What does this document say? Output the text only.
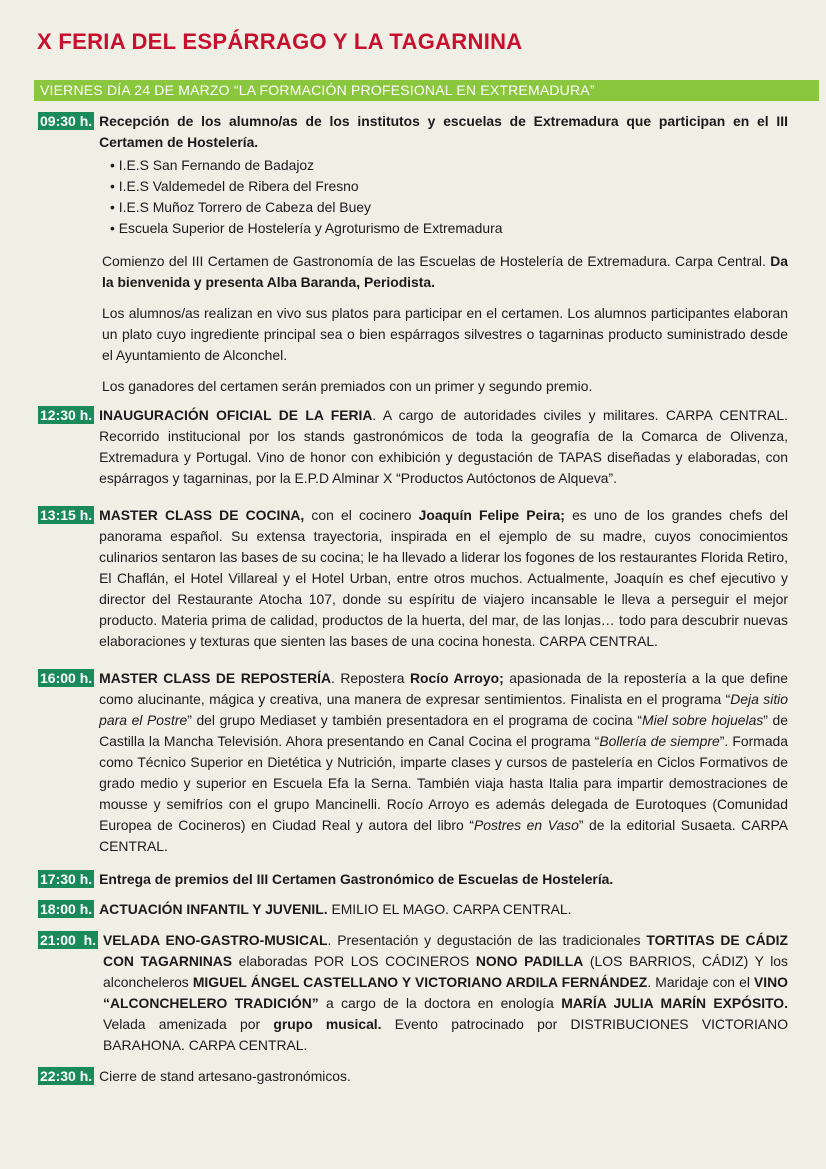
X FERIA DEL ESPÁRRAGO Y LA TAGARNINA
VIERNES DÍA 24 DE MARZO “LA FORMACIÓN PROFESIONAL EN EXTREMADURA”
09:30 h. Recepción de los alumno/as de los institutos y escuelas de Extremadura que participan en el III Certamen de Hostelería.
• I.E.S San Fernando de Badajoz
• I.E.S Valdemedel de Ribera del Fresno
• I.E.S Muñoz Torrero de Cabeza del Buey
• Escuela Superior de Hostelería y Agroturismo de Extremadura

Comienzo del III Certamen de Gastronomía de las Escuelas de Hostelería de Extremadura. Carpa Central. Da la bienvenida y presenta Alba Baranda, Periodista.

Los alumnos/as realizan en vivo sus platos para participar en el certamen. Los alumnos participantes elaboran un plato cuyo ingrediente principal sea o bien espárragos silvestres o tagarninas producto suministrado desde el Ayuntamiento de Alconchel.

Los ganadores del certamen serán premiados con un primer y segundo premio.

12:30 h. INAUGURACIÓN OFICIAL DE LA FERIA. A cargo de autoridades civiles y militares. CARPA CENTRAL. Recorrido institucional por los stands gastronómicos de toda la geografía de la Comarca de Olivenza, Extremadura y Portugal. Vino de honor con exhibición y degustación de TAPAS diseñadas y elaboradas, con espárragos y tagarninas, por la E.P.D Alminar X “Productos Autóctonos de Alqueva”.
13:15 h. MASTER CLASS DE COCINA, con el cocinero Joaquín Felipe Peira; es uno de los grandes chefs del panorama español. Su extensa trayectoria, inspirada en el ejemplo de su madre, cuyos conocimientos culinarios sentaron las bases de su cocina; le ha llevado a liderar los fogones de los restaurantes Florida Retiro, El Chaflán, el Hotel Villareal y el Hotel Urban, entre otros muchos. Actualmente, Joaquín es chef ejecutivo y director del Restaurante Atocha 107, donde su espíritu de viajero incansable le lleva a perseguir el mejor producto. Materia prima de calidad, productos de la huerta, del mar, de las lonjas… todo para descubrir nuevas elaboraciones y texturas que sienten las bases de una cocina honesta. CARPA CENTRAL.
16:00 h. MASTER CLASS DE REPOSTERÍA. Repostera Rocío Arroyo; apasionada de la repostería a la que define como alucinante, mágica y creativa, una manera de expresar sentimientos. Finalista en el programa “Deja sitio para el Postre” del grupo Mediaset y también presentadora en el programa de cocina “Miel sobre hojuelas” de Castilla la Mancha Televisión. Ahora presentando en Canal Cocina el programa “Bollería de siempre”. Formada como Técnico Superior en Dietética y Nutrición, imparte clases y cursos de pastelería en Ciclos Formativos de grado medio y superior en Escuela Efa la Serna. También viaja hasta Italia para impartir demostraciones de mousse y semifríos con el grupo Mancinelli. Rocío Arroyo es además delegada de Eurotoques (Comunidad Europea de Cocineros) en Ciudad Real y autora del libro “Postres en Vaso” de la editorial Susaeta. CARPA CENTRAL.
17:30 h. Entrega de premios del III Certamen Gastronómico de Escuelas de Hostelería.
18:00 h. ACTUACIÓN INFANTIL Y JUVENIL. EMILIO EL MAGO. CARPA CENTRAL.
21:00  h. VELADA ENO-GASTRO-MUSICAL. Presentación y degustación de las tradicionales TORTITAS DE CÁDIZ CON TAGARNINAS elaboradas POR LOS COCINEROS NONO PADILLA (LOS BARRIOS, CÁDIZ) Y los alconcheleros MIGUEL ÁNGEL CASTELLANO Y VICTORIANO ARDILA FERNÁNDEZ. Maridaje con el VINO “ALCONCHELERO TRADICIÓN” a cargo de la doctora en enología MARÍA JULIA MARÍN EXPÓSITO. Velada amenizada por grupo musical. Evento patrocinado por DISTRIBUCIONES VICTORIANO BARAHONA. CARPA CENTRAL.
22:30 h. Cierre de stand artesano-gastronómicos.
